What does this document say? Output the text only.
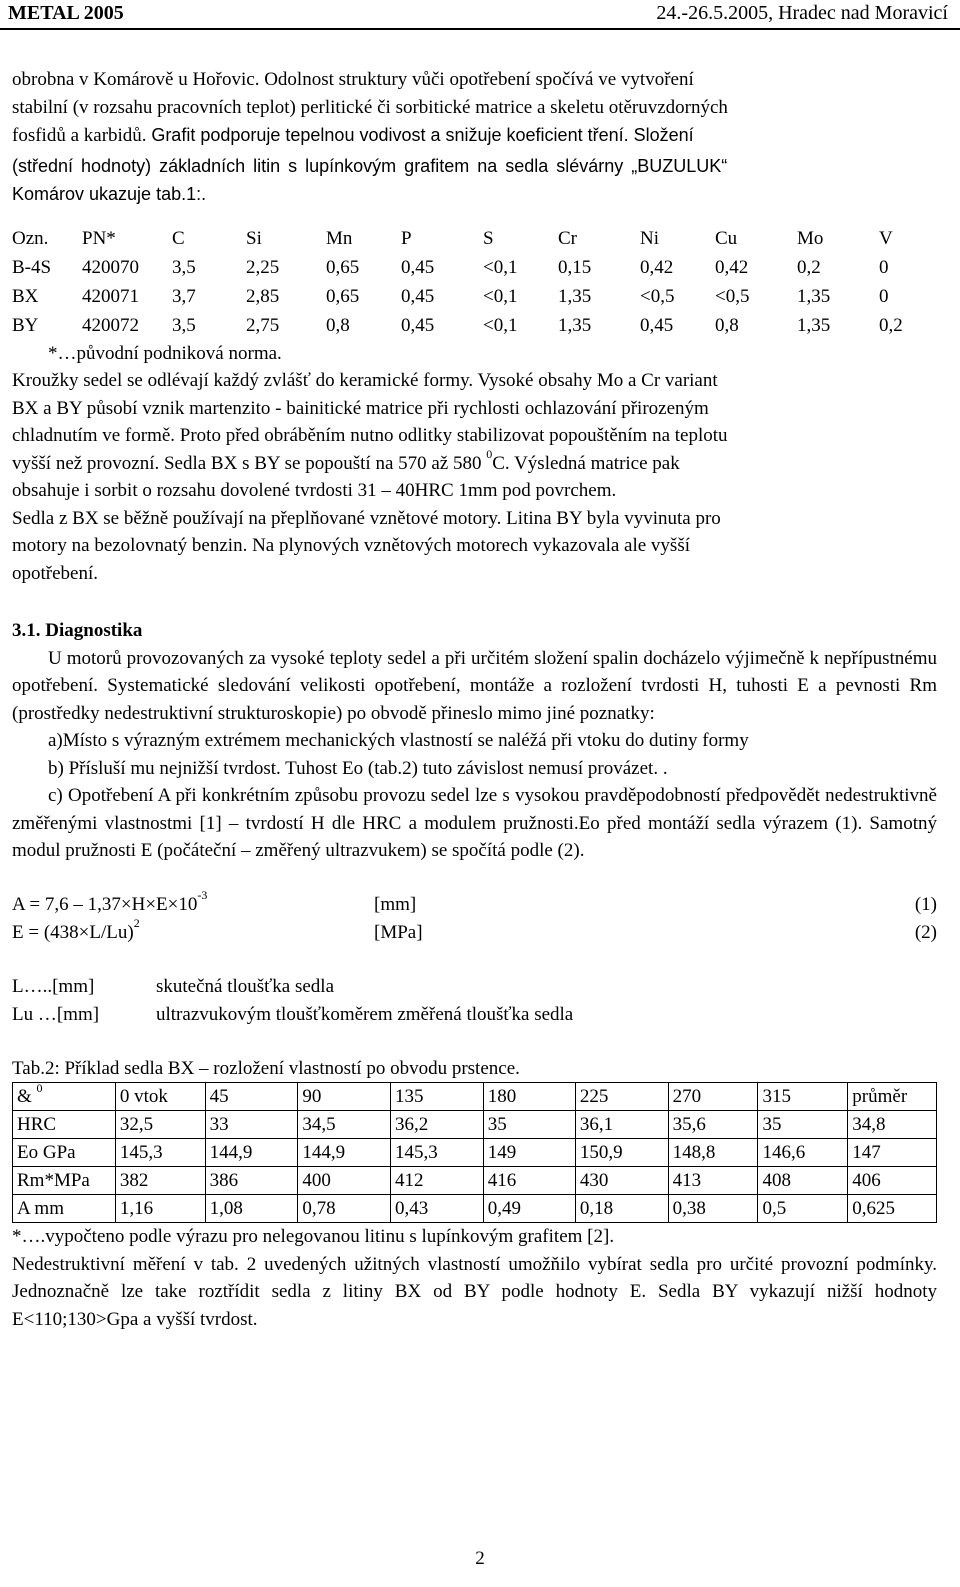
METAL 2005	24.-26.5.2005, Hradec nad Moravicí

obrobna v Komárově u Hořovic. Odolnost struktury vůči opotřebení spočívá ve vytvoření

stabilní (v rozsahu pracovních teplot) perlitické či sorbitické matrice a skeletu otěruvzdorných

fosfidů a karbidů. Grafit podporuje tepelnou vodivost a snižuje koeficient tření. Složení

(střední hodnoty) základních litin s lupínkovým grafitem na sedla slévárny „BUZULUK“

Komárov ukazuje tab.1:.

Ozn.	PN*	C	Si	Mn	P	S	Cr	Ni	Cu	Mo	V
B-4S	420070	3,5	2,25	0,65	0,45	<0,1	0,15	0,42	0,42	0,2	0
BX	420071	3,7	2,85	0,65	0,45	<0,1	1,35	<0,5	<0,5	1,35	0
BY	420072	3,5	2,75	0,8	0,45	<0,1	1,35	0,45	0,8	1,35	0,2

*…původní podniková norma.

Kroužky sedel se odlévají každý zvlášť do keramické formy. Vysoké obsahy Mo a Cr variant

BX a BY působí vznik martenzito - bainitické matrice při rychlosti ochlazování přirozeným

chladnutím ve formě. Proto před obráběním nutno odlitky stabilizovat popouštěním na teplotu

vyšší než provozní. Sedla BX s BY se popouští na 570 až 580 $^0$C. Výsledná matrice pak

obsahuje i sorbit o rozsahu dovolené tvrdosti 31 – 40HRC 1mm pod povrchem.

Sedla z BX se běžně používají na přeplňované vznětové motory. Litina BY byla vyvinuta pro

motory na bezolovnatý benzin. Na plynových vznětových motorech vykazovala ale vyšší

opotřebení.

3.1. Diagnostika

U motorů provozovaných za vysoké teploty sedel a při určitém složení spalin docházelo výjimečně k nepřípustnému opotřebení. Systematické sledování velikosti opotřebení, montáže a rozložení tvrdosti H, tuhosti E a pevnosti Rm (prostředky nedestruktivní strukturoskopie) po obvodě přineslo mimo jiné poznatky:

a)Místo s výrazným extrémem mechanických vlastností se naléžá při vtoku do dutiny formy

b) Přísluší mu nejnižší tvrdost. Tuhost Eo (tab.2) tuto závislost nemusí provázet. .

c) Opotřebení A při konkrétním způsobu provozu sedel lze s vysokou pravděpodobností předpovědět nedestruktivně změřenými vlastnostmi [1] – tvrdostí H dle HRC a modulem pružnosti.Eo před montáží sedla výrazem (1). Samotný modul pružnosti E (počáteční – změřený ultrazvukem) se spočítá podle (2).

$A = 7,6 - 1,37\times H\times E\times 10^{-3}$	[mm]	(1)
$E = (438\times L/Lu)^2$	[MPa]	(2)
L…..[mm]	skutečná tloušťka sedla
Lu …[mm]	ultrazvukovým tloušťkoměrem změřená tloušťka sedla

Tab.2: Příklad sedla BX – rozložení vlastností po obvodu prstence.

& $^0$	0 vtok	45	90	135	180	225	270	315	průměr
HRC	32,5	33	34,5	36,2	35	36,1	35,6	35	34,8
Eo GPa	145,3	144,9	144,9	145,3	149	150,9	148,8	146,6	147
Rm*MPa	382	386	400	412	416	430	413	408	406
A mm	1,16	1,08	0,78	0,43	0,49	0,18	0,38	0,5	0,625

*….vypočteno podle výrazu pro nelegovanou litinu s lupínkovým grafitem [2].

Nedestruktivní měření v tab. 2 uvedených užitných vlastností umožňilo vybírat sedla pro určité provozní podmínky. Jednoznačně lze take roztřídit sedla z litiny BX od BY podle hodnoty E. Sedla BY vykazují nižší hodnoty E<110;130>Gpa a vyšší tvrdost.

2
